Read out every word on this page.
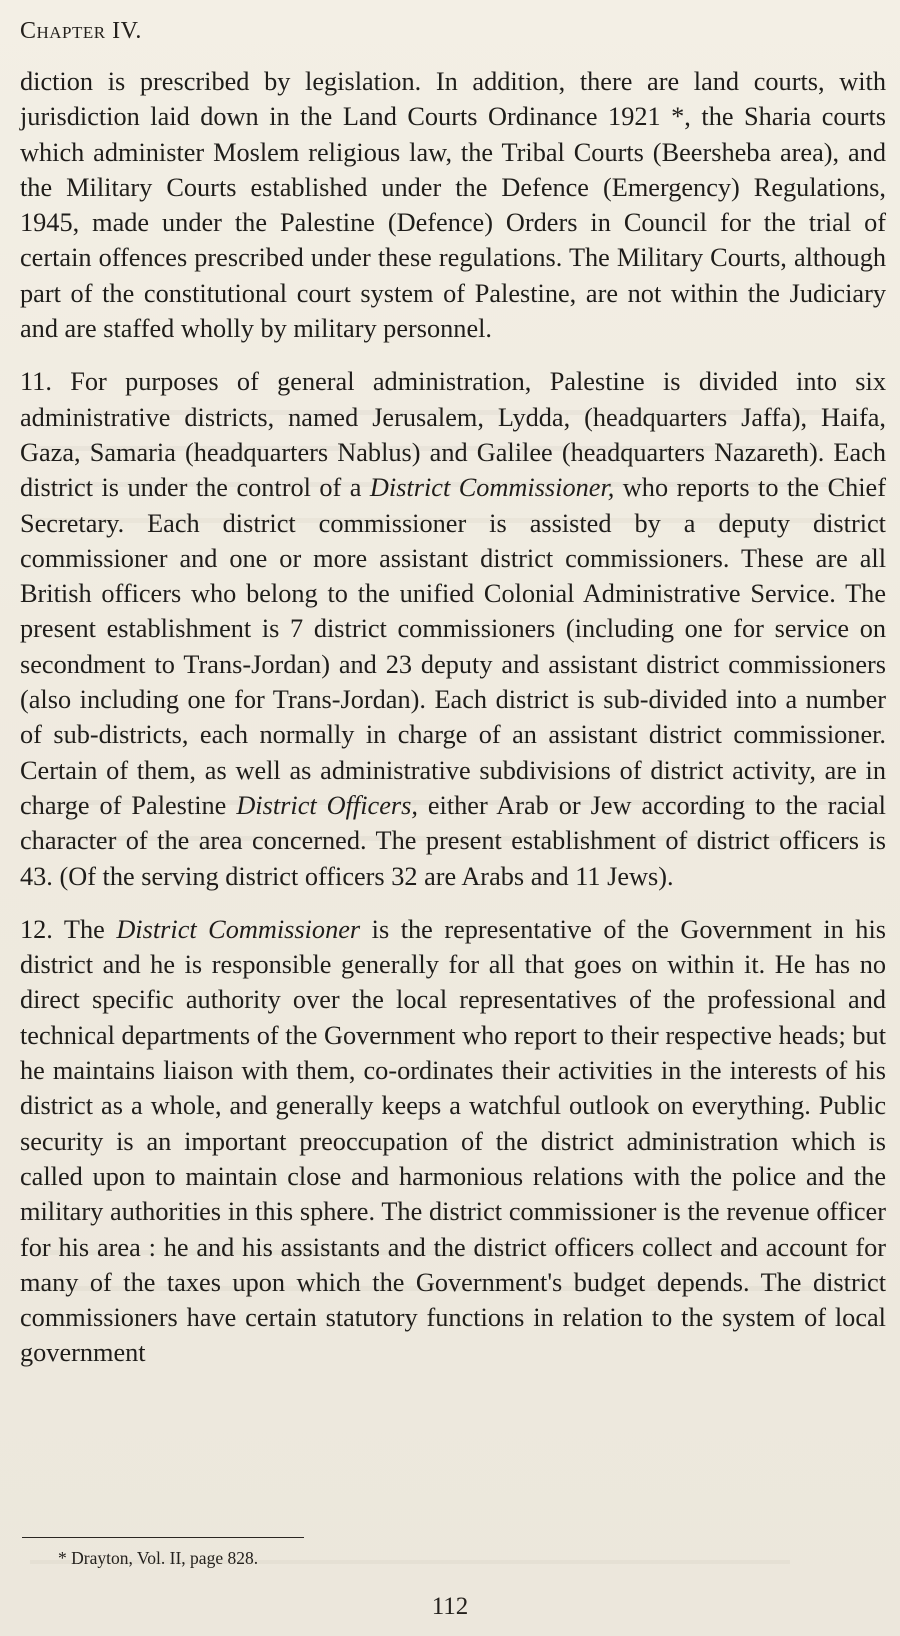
Chapter IV.

diction is prescribed by legislation. In addition, there are land courts, with jurisdiction laid down in the Land Courts Ordinance 1921 *, the Sharia courts which administer Moslem religious law, the Tribal Courts (Beersheba area), and the Military Courts established under the Defence (Emergency) Regulations, 1945, made under the Palestine (Defence) Orders in Council for the trial of certain offences prescribed under these regulations. The Military Courts, although part of the constitutional court system of Palestine, are not within the Judiciary and are staffed wholly by military personnel.

11. For purposes of general administration, Palestine is divided into six administrative districts, named Jerusalem, Lydda, (headquarters Jaffa), Haifa, Gaza, Samaria (headquarters Nablus) and Galilee (headquarters Nazareth). Each district is under the control of a District Commissioner, who reports to the Chief Secretary. Each district commissioner is assisted by a deputy district commissioner and one or more assistant district commissioners. These are all British officers who belong to the unified Colonial Administrative Service. The present establishment is 7 district commissioners (including one for service on secondment to Trans-Jordan) and 23 deputy and assistant district commissioners (also including one for Trans-Jordan). Each district is sub-divided into a number of sub-districts, each normally in charge of an assistant district commissioner. Certain of them, as well as administrative subdivisions of district activity, are in charge of Palestine District Officers, either Arab or Jew according to the racial character of the area concerned. The present establishment of district officers is 43. (Of the serving district officers 32 are Arabs and 11 Jews).

12. The District Commissioner is the representative of the Government in his district and he is responsible generally for all that goes on within it. He has no direct specific authority over the local representatives of the professional and technical departments of the Government who report to their respective heads; but he maintains liaison with them, co-ordinates their activities in the interests of his district as a whole, and generally keeps a watchful outlook on everything. Public security is an important preoccupation of the district administration which is called upon to maintain close and harmonious relations with the police and the military authorities in this sphere. The district commissioner is the revenue officer for his area : he and his assistants and the district officers collect and account for many of the taxes upon which the Government's budget depends. The district commissioners have certain statutory functions in relation to the system of local government

* Drayton, Vol. II, page 828.
112
